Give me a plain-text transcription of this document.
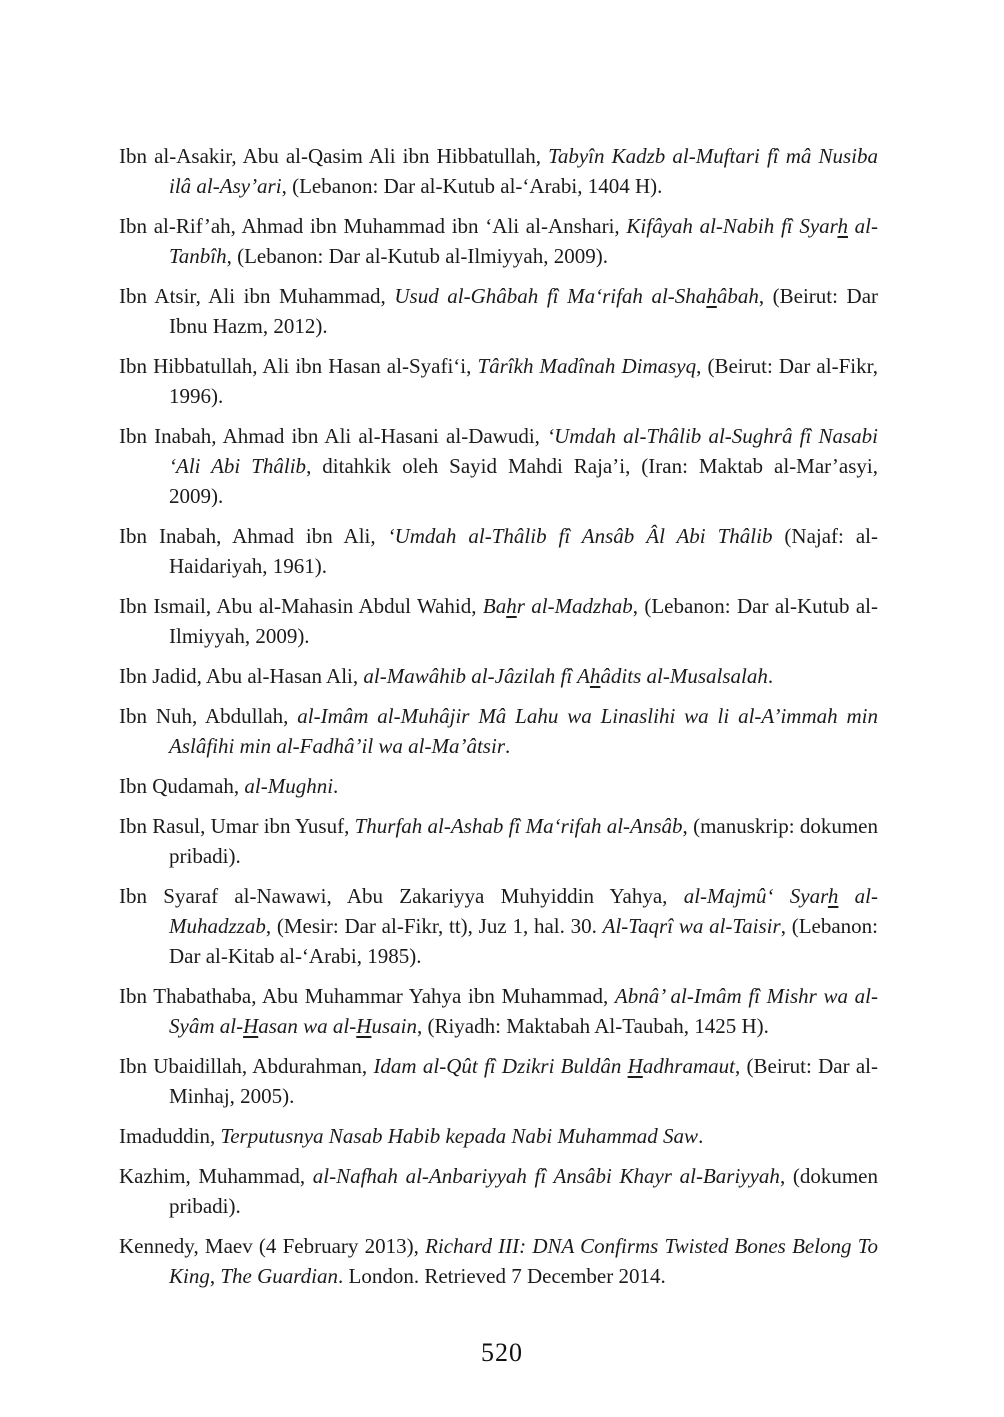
Ibn al-Asakir, Abu al-Qasim Ali ibn Hibbatullah, Tabyîn Kadzb al-Muftari fî mâ Nusiba ilâ al-Asy’ari, (Lebanon: Dar al-Kutub al-‘Arabi, 1404 H).

Ibn al-Rif’ah, Ahmad ibn Muhammad ibn ‘Ali al-Anshari, Kifâyah al-Nabih fî Syarh al-Tanbîh, (Lebanon: Dar al-Kutub al-Ilmiyyah, 2009).

Ibn Atsir, Ali ibn Muhammad, Usud al-Ghâbah fî Ma‘rifah al-Shahâbah, (Beirut: Dar Ibnu Hazm, 2012).

Ibn Hibbatullah, Ali ibn Hasan al-Syafi‘i, Târîkh Madînah Dimasyq, (Beirut: Dar al-Fikr, 1996).

Ibn Inabah, Ahmad ibn Ali al-Hasani al-Dawudi, ‘Umdah al-Thâlib al-Sughrâ fî Nasabi ‘Ali Abi Thâlib, ditahkik oleh Sayid Mahdi Raja’i, (Iran: Maktab al-Mar’asyi, 2009).

Ibn Inabah, Ahmad ibn Ali, ‘Umdah al-Thâlib fî Ansâb Âl Abi Thâlib (Najaf: al-Haidariyah, 1961).

Ibn Ismail, Abu al-Mahasin Abdul Wahid, Bahr al-Madzhab, (Lebanon: Dar al-Kutub al-Ilmiyyah, 2009).

Ibn Jadid, Abu al-Hasan Ali, al-Mawâhib al-Jâzilah fî Ahâdits al-Musalsalah.

Ibn Nuh, Abdullah, al-Imâm al-Muhâjir Mâ Lahu wa Linaslihi wa li al-A’immah min Aslâfihi min al-Fadhâ’il wa al-Ma’âtsir.

Ibn Qudamah, al-Mughni.

Ibn Rasul, Umar ibn Yusuf, Thurfah al-Ashab fî Ma‘rifah al-Ansâb, (manuskrip: dokumen pribadi).

Ibn Syaraf al-Nawawi, Abu Zakariyya Muhyiddin Yahya, al-Majmû‘ Syarh al-Muhadzzab, (Mesir: Dar al-Fikr, tt), Juz 1, hal. 30. Al-Taqrî wa al-Taisir, (Lebanon: Dar al-Kitab al-‘Arabi, 1985).

Ibn Thabathaba, Abu Muhammar Yahya ibn Muhammad, Abnâ’ al-Imâm fî Mishr wa al-Syâm al-Hasan wa al-Husain, (Riyadh: Maktabah Al-Taubah, 1425 H).

Ibn Ubaidillah, Abdurahman, Idam al-Qût fî Dzikri Buldân Hadhramaut, (Beirut: Dar al-Minhaj, 2005).

Imaduddin, Terputusnya Nasab Habib kepada Nabi Muhammad Saw.

Kazhim, Muhammad, al-Nafhah al-Anbariyyah fî Ansâbi Khayr al-Bariyyah, (dokumen pribadi).

Kennedy, Maev (4 February 2013), Richard III: DNA Confirms Twisted Bones Belong To King, The Guardian. London. Retrieved 7 December 2014.

520
